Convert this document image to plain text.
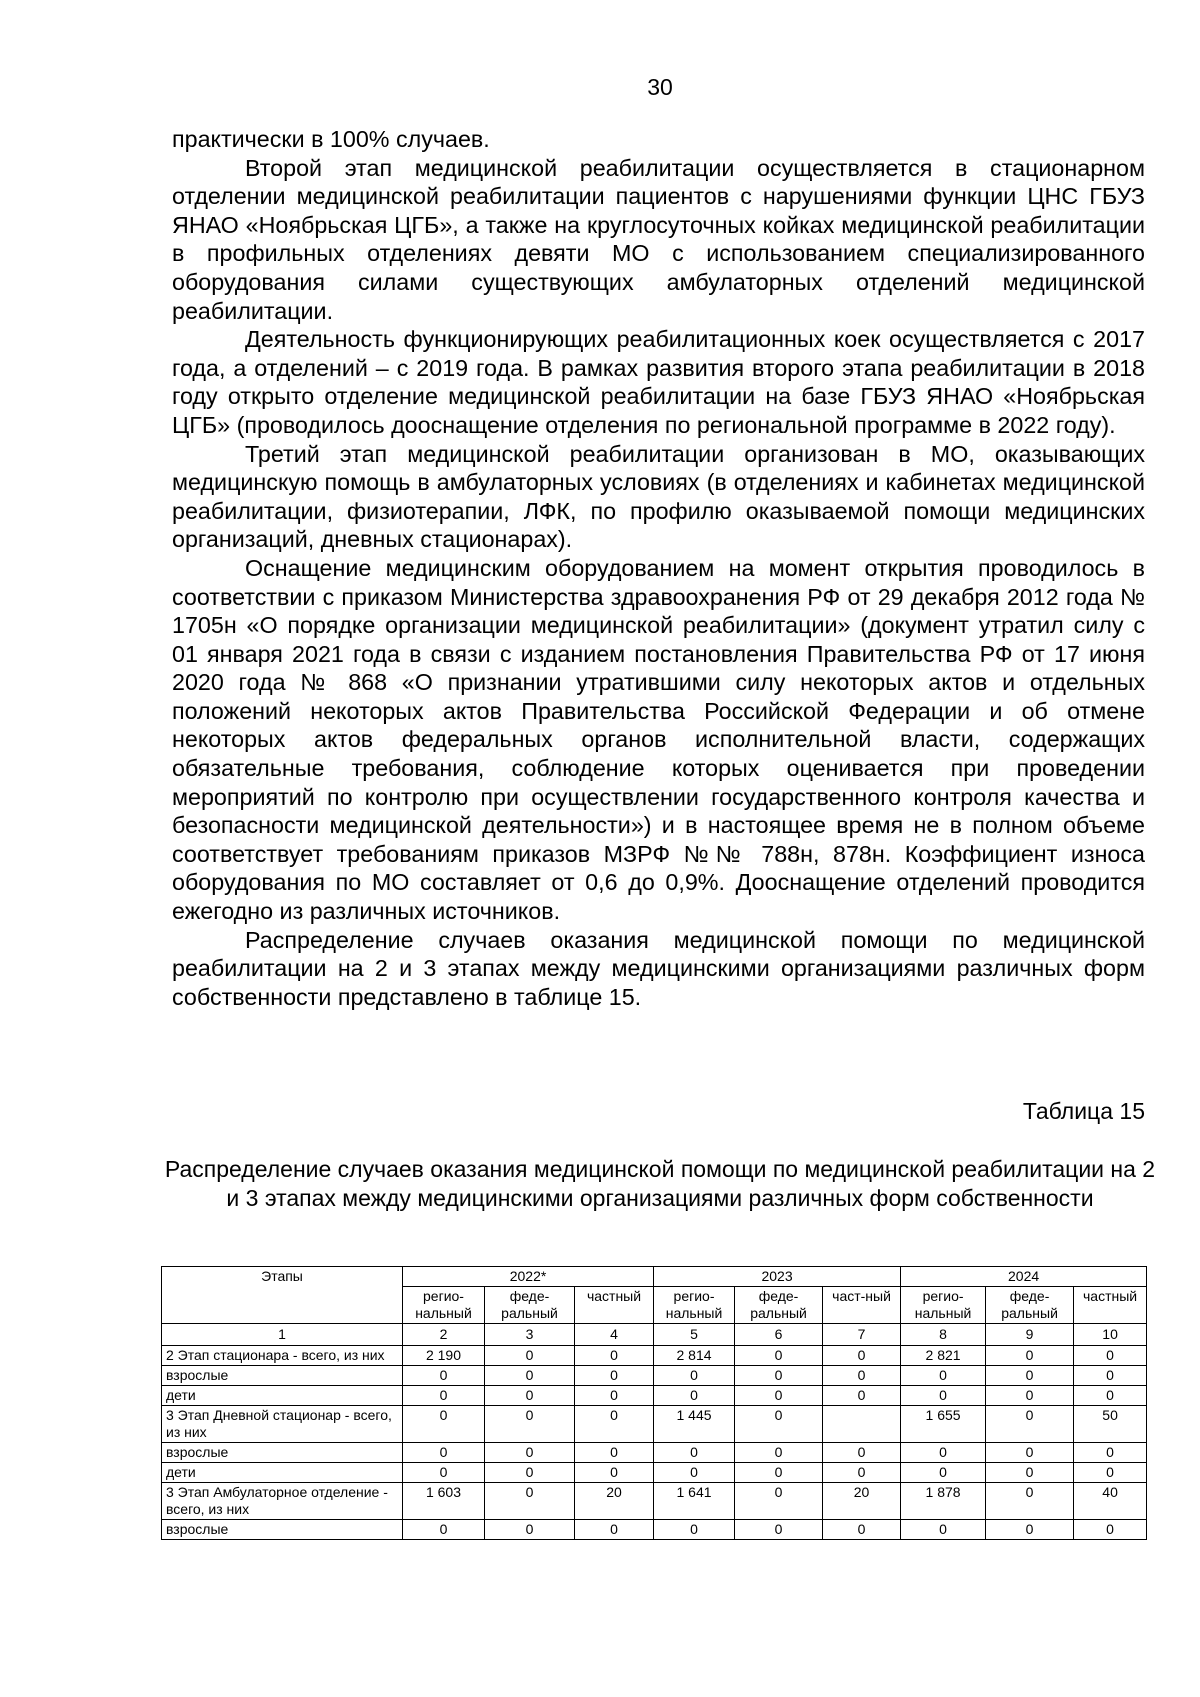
30

практически в 100% случаев.

Второй этап медицинской реабилитации осуществляется в стационарном отделении медицинской реабилитации пациентов с нарушениями функции ЦНС ГБУЗ ЯНАО «Ноябрьская ЦГБ», а также на круглосуточных койках медицинской реабилитации в профильных отделениях девяти МО с использованием специализированного оборудования силами существующих амбулаторных отделений медицинской реабилитации.

Деятельность функционирующих реабилитационных коек осуществляется с 2017 года, а отделений – с 2019 года. В рамках развития второго этапа реабилитации в 2018 году открыто отделение медицинской реабилитации на базе ГБУЗ ЯНАО «Ноябрьская ЦГБ» (проводилось дооснащение отделения по региональной программе в 2022 году).

Третий этап медицинской реабилитации организован в МО, оказывающих медицинскую помощь в амбулаторных условиях (в отделениях и кабинетах медицинской реабилитации, физиотерапии, ЛФК, по профилю оказываемой помощи медицинских организаций, дневных стационарах).

Оснащение медицинским оборудованием на момент открытия проводилось в соответствии с приказом Министерства здравоохранения РФ от 29 декабря 2012 года № 1705н «О порядке организации медицинской реабилитации» (документ утратил силу с 01 января 2021 года в связи с изданием постановления Правительства РФ от 17 июня 2020 года № 868 «О признании утратившими силу некоторых актов и отдельных положений некоторых актов Правительства Российской Федерации и об отмене некоторых актов федеральных органов исполнительной власти, содержащих обязательные требования, соблюдение которых оценивается при проведении мероприятий по контролю при осуществлении государственного контроля качества и безопасности медицинской деятельности») и в настоящее время не в полном объеме соответствует требованиям приказов МЗРФ №№ 788н, 878н. Коэффициент износа оборудования по МО составляет от 0,6 до 0,9%. Дооснащение отделений проводится ежегодно из различных источников.

Распределение случаев оказания медицинской помощи по медицинской реабилитации на 2 и 3 этапах между медицинскими организациями различных форм собственности представлено в таблице 15.

Таблица 15
Распределение случаев оказания медицинской помощи по медицинской реабилитации на 2 и 3 этапах между медицинскими организациями различных форм собственности
Этапы	2022*			2023			2024		
	регио-нальный	феде-ральный	частный	регио-нальный	феде-ральный	част-ный	регио-нальный	феде-ральный	частный
1	2	3	4	5	6	7	8	9	10
2 Этап стационара - всего, из них	2 190	0	0	2 814	0	0	2 821	0	0
взрослые	0	0	0	0	0	0	0	0	0
дети	0	0	0	0	0	0	0	0	0
3 Этап Дневной стационар - всего, из них	0	0	0	1 445	0		1 655	0	50
взрослые	0	0	0	0	0	0	0	0	0
дети	0	0	0	0	0	0	0	0	0
3 Этап Амбулаторное отделение - всего, из них	1 603	0	20	1 641	0	20	1 878	0	40
взрослые	0	0	0	0	0	0	0	0	0
